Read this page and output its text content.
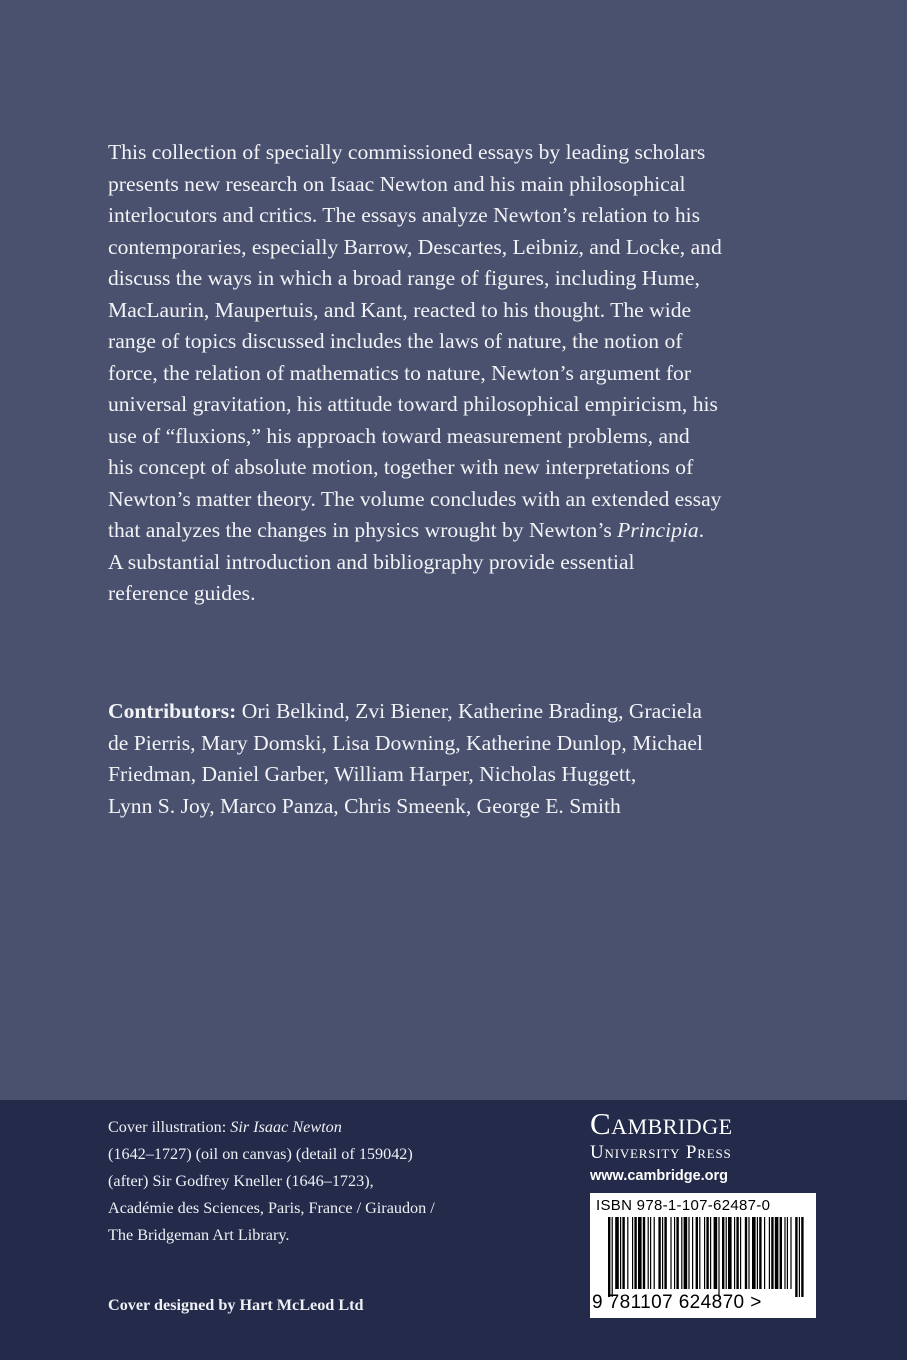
This collection of specially commissioned essays by leading scholars
presents new research on Isaac Newton and his main philosophical
interlocutors and critics. The essays analyze Newton’s relation to his
contemporaries, especially Barrow, Descartes, Leibniz, and Locke, and
discuss the ways in which a broad range of figures, including Hume,
MacLaurin, Maupertuis, and Kant, reacted to his thought. The wide
range of topics discussed includes the laws of nature, the notion of
force, the relation of mathematics to nature, Newton’s argument for
universal gravitation, his attitude toward philosophical empiricism, his
use of “fluxions,” his approach toward measurement problems, and
his concept of absolute motion, together with new interpretations of
Newton’s matter theory. The volume concludes with an extended essay
that analyzes the changes in physics wrought by Newton’s Principia.
A substantial introduction and bibliography provide essential
reference guides.
Contributors: Ori Belkind, Zvi Biener, Katherine Brading, Graciela
de Pierris, Mary Domski, Lisa Downing, Katherine Dunlop, Michael
Friedman, Daniel Garber, William Harper, Nicholas Huggett,
Lynn S. Joy, Marco Panza, Chris Smeenk, George E. Smith
Cover illustration: Sir Isaac Newton
(1642–1727) (oil on canvas) (detail of 159042)
(after) Sir Godfrey Kneller (1646–1723),
Académie des Sciences, Paris, France / Giraudon /
The Bridgeman Art Library.
Cover designed by Hart McLeod Ltd
Cambridge
University Press
www.cambridge.org
ISBN 978-1-107-62487-0
9 781107 624870 >
